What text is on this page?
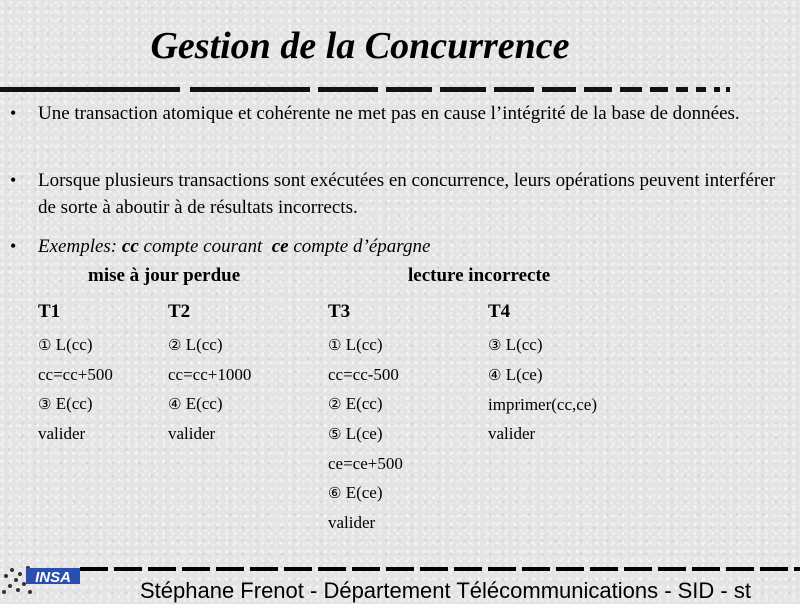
Gestion de la Concurrence
• Une transaction atomique et cohérente ne met pas en cause l’intégrité de la base de données.
• Lorsque plusieurs transactions sont exécutées en concurrence, leurs opérations peuvent interférer de sorte à aboutir à de résultats incorrects.
• Exemples: cc compte courant  ce compte d’épargne
mise à jour perdue	lecture incorrecte
T1
① L(cc)
cc=cc+500
③ E(cc)
valider
T2
② L(cc)
cc=cc+1000
④ E(cc)
valider
T3
① L(cc)
cc=cc-500
② E(cc)
⑤ L(ce)
ce=ce+500
⑥ E(ce)
valider
T4
③ L(cc)
④ L(ce)
imprimer(cc,ce)
valider
INSA
Stéphane Frenot - Département Télécommunications - SID - st
